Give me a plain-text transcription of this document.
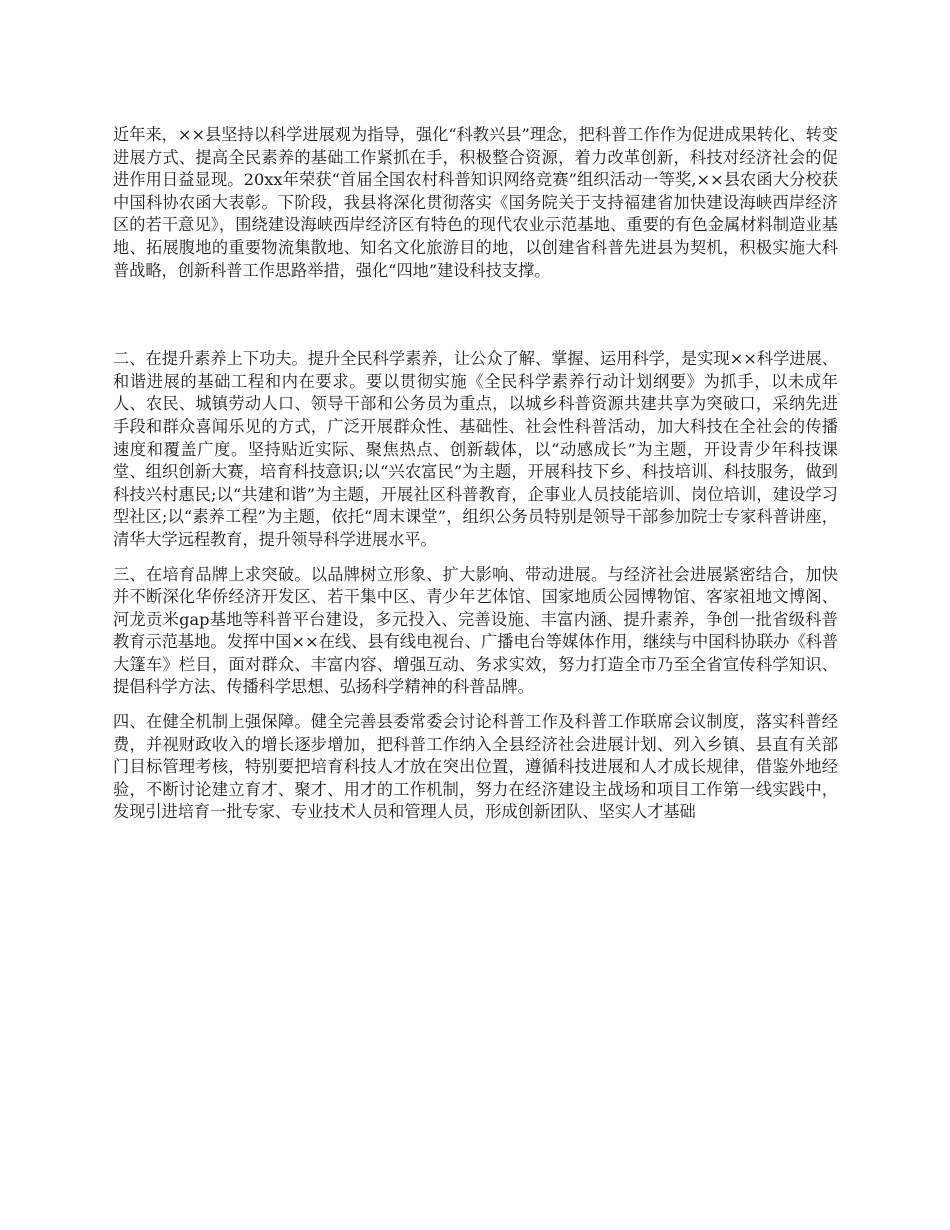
近年来，××县坚持以科学进展观为指导，强化“科教兴县”理念，把科普工作作为促进成果转化、转变进展方式、提高全民素养的基础工作紧抓在手，积极整合资源，着力改革创新，科技对经济社会的促进作用日益显现。20xx年荣获“首届全国农村科普知识网络竞赛”组织活动一等奖,××县农函大分校获中国科协农函大表彰。下阶段，我县将深化贯彻落实《国务院关于支持福建省加快建设海峡西岸经济区的若干意见》，围绕建设海峡西岸经济区有特色的现代农业示范基地、重要的有色金属材料制造业基地、拓展腹地的重要物流集散地、知名文化旅游目的地，以创建省科普先进县为契机，积极实施大科普战略，创新科普工作思路举措，强化“四地”建设科技支撑。

二、在提升素养上下功夫。提升全民科学素养，让公众了解、掌握、运用科学，是实现××科学进展、和谐进展的基础工程和内在要求。要以贯彻实施《全民科学素养行动计划纲要》为抓手，以未成年人、农民、城镇劳动人口、领导干部和公务员为重点，以城乡科普资源共建共享为突破口，采纳先进手段和群众喜闻乐见的方式，广泛开展群众性、基础性、社会性科普活动，加大科技在全社会的传播速度和覆盖广度。坚持贴近实际、聚焦热点、创新载体，以“动感成长”为主题，开设青少年科技课堂、组织创新大赛，培育科技意识;以“兴农富民”为主题，开展科技下乡、科技培训、科技服务，做到科技兴村惠民;以“共建和谐”为主题，开展社区科普教育，企事业人员技能培训、岗位培训，建设学习型社区;以“素养工程”为主题，依托“周末课堂”，组织公务员特别是领导干部参加院士专家科普讲座，清华大学远程教育，提升领导科学进展水平。

三、在培育品牌上求突破。以品牌树立形象、扩大影响、带动进展。与经济社会进展紧密结合，加快并不断深化华侨经济开发区、若干集中区、青少年艺体馆、国家地质公园博物馆、客家祖地文博阁、河龙贡米gap基地等科普平台建设，多元投入、完善设施、丰富内涵、提升素养，争创一批省级科普教育示范基地。发挥中国××在线、县有线电视台、广播电台等媒体作用，继续与中国科协联办《科普大篷车》栏目，面对群众、丰富内容、增强互动、务求实效，努力打造全市乃至全省宣传科学知识、提倡科学方法、传播科学思想、弘扬科学精神的科普品牌。

四、在健全机制上强保障。健全完善县委常委会讨论科普工作及科普工作联席会议制度，落实科普经费，并视财政收入的增长逐步增加，把科普工作纳入全县经济社会进展计划、列入乡镇、县直有关部门目标管理考核，特别要把培育科技人才放在突出位置，遵循科技进展和人才成长规律，借鉴外地经验，不断讨论建立育才、聚才、用才的工作机制，努力在经济建设主战场和项目工作第一线实践中，发现引进培育一批专家、专业技术人员和管理人员，形成创新团队、坚实人才基础
